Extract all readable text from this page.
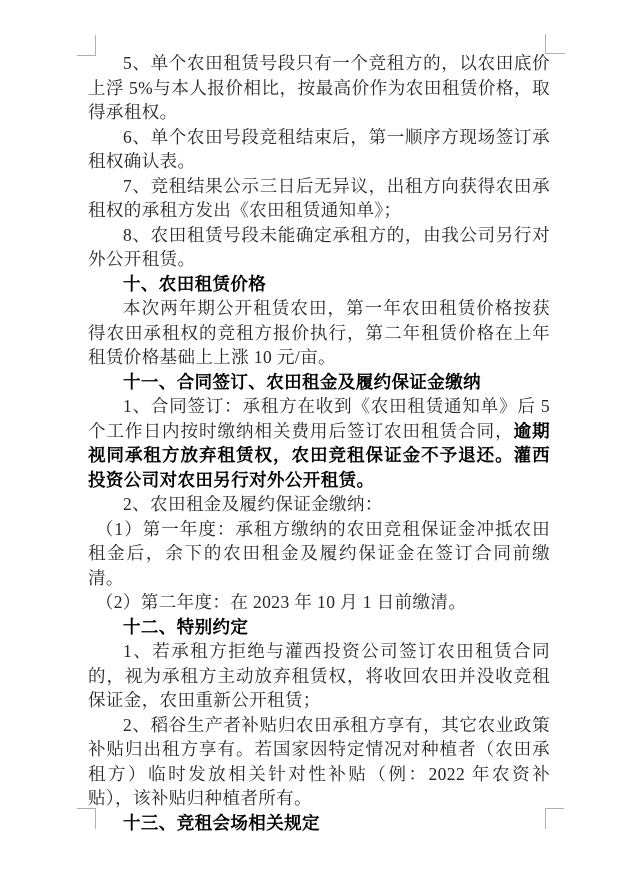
5、单个农田租赁号段只有一个竞租方的，以农田底价上浮 5%与本人报价相比，按最高价作为农田租赁价格，取得承租权。

6、单个农田号段竞租结束后，第一顺序方现场签订承租权确认表。

7、竞租结果公示三日后无异议，出租方向获得农田承租权的承租方发出《农田租赁通知单》；

8、农田租赁号段未能确定承租方的，由我公司另行对外公开租赁。

十、农田租赁价格

本次两年期公开租赁农田，第一年农田租赁价格按获得农田承租权的竞租方报价执行，第二年租赁价格在上年租赁价格基础上上涨 10 元/亩。

十一、合同签订、农田租金及履约保证金缴纳

1、合同签订：承租方在收到《农田租赁通知单》后 5 个工作日内按时缴纳相关费用后签订农田租赁合同，逾期视同承租方放弃租赁权，农田竞租保证金不予退还。灌西投资公司对农田另行对外公开租赁。

2、农田租金及履约保证金缴纳：

（1）第一年度：承租方缴纳的农田竞租保证金冲抵农田租金后，余下的农田租金及履约保证金在签订合同前缴清。

（2）第二年度：在 2023 年 10 月 1 日前缴清。

十二、特别约定

1、若承租方拒绝与灌西投资公司签订农田租赁合同的，视为承租方主动放弃租赁权，将收回农田并没收竞租保证金，农田重新公开租赁；

2、稻谷生产者补贴归农田承租方享有，其它农业政策补贴归出租方享有。若国家因特定情况对种植者（农田承租方）临时发放相关针对性补贴（例：2022 年农资补贴），该补贴归种植者所有。

十三、竞租会场相关规定
